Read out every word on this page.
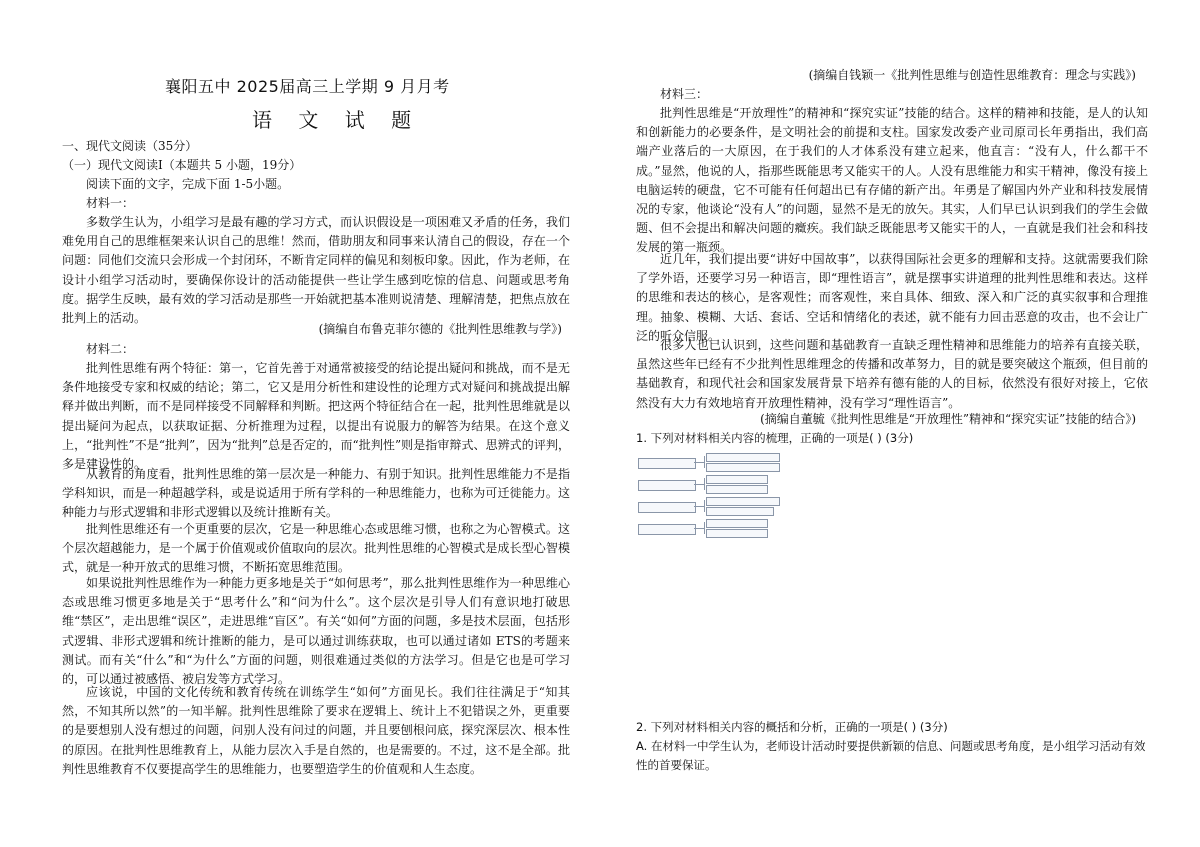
襄阳五中 2025届高三上学期 9 月月考
语 文 试 题
一、现代文阅读（35分）
（一）现代文阅读Ⅰ（本题共 5 小题，19分）
阅读下面的文字，完成下面 1-5小题。
材料一：

多数学生认为，小组学习是最有趣的学习方式，而认识假设是一项困难又矛盾的任务，我们难免用自己的思维框架来认识自己的思维！然而，借助朋友和同事来认清自己的假设，存在一个问题：同他们交流只会形成一个封闭环，不断肯定同样的偏见和刻板印象。因此，作为老师，在设计小组学习活动时，要确保你设计的活动能提供一些让学生感到吃惊的信息、问题或思考角度。据学生反映，最有效的学习活动是那些一开始就把基本准则说清楚、理解清楚，把焦点放在批判上的活动。

(摘编自布鲁克菲尔德的《批判性思维教与学》)
材料二：

批判性思维有两个特征：第一，它首先善于对通常被接受的结论提出疑问和挑战，而不是无条件地接受专家和权威的结论；第二，它又是用分析性和建设性的论理方式对疑问和挑战提出解释并做出判断，而不是同样接受不同解释和判断。把这两个特征结合在一起，批判性思维就是以提出疑问为起点，以获取证据、分析推理为过程，以提出有说服力的解答为结果。在这个意义上，“批判性”不是“批判”，因为“批判”总是否定的，而“批判性”则是指审辩式、思辨式的评判，多是建设性的。

从教育的角度看，批判性思维的第一层次是一种能力、有别于知识。批判性思维能力不是指学科知识，而是一种超越学科，或是说适用于所有学科的一种思维能力，也称为可迁徙能力。这种能力与形式逻辑和非形式逻辑以及统计推断有关。

批判性思维还有一个更重要的层次，它是一种思维心态或思维习惯，也称之为心智模式。这个层次超越能力，是一个属于价值观或价值取向的层次。批判性思维的心智模式是成长型心智模式，就是一种开放式的思维习惯，不断拓宽思维范围。

如果说批判性思维作为一种能力更多地是关于“如何思考”，那么批判性思维作为一种思维心态或思维习惯更多地是关于“思考什么”和“问为什么”。这个层次是引导人们有意识地打破思维“禁区”，走出思维“误区”，走进思维“盲区”。有关“如何”方面的问题，多是技术层面，包括形式逻辑、非形式逻辑和统计推断的能力，是可以通过训练获取，也可以通过诸如 ETS的考题来测试。而有关“什么”和“为什么”方面的问题，则很难通过类似的方法学习。但是它也是可学习的，可以通过被感悟、被启发等方式学习。

应该说，中国的文化传统和教育传统在训练学生“如何”方面见长。我们往往满足于“知其然，不知其所以然”的一知半解。批判性思维除了要求在逻辑上、统计上不犯错误之外，更重要的是要想别人没有想过的问题，问别人没有问过的问题，并且要刨根问底，探究深层次、根本性的原因。在批判性思维教育上，从能力层次入手是自然的，也是需要的。不过，这不是全部。批判性思维教育不仅要提高学生的思维能力，也要塑造学生的价值观和人生态度。

(摘编自钱颖一《批判性思维与创造性思维教育：理念与实践》)
材料三：

批判性思维是“开放理性”的精神和“探究实证”技能的结合。这样的精神和技能，是人的认知和创新能力的必要条件，是文明社会的前提和支柱。国家发改委产业司原司长年勇指出，我们高端产业落后的一大原因，在于我们的人才体系没有建立起来，他直言：“没有人，什么都干不成。”显然，他说的人，指那些既能思考又能实干的人。人没有思维能力和实干精神，像没有接上电脑运转的硬盘，它不可能有任何超出已有存储的新产出。年勇是了解国内外产业和科技发展情况的专家，他谈论“没有人”的问题，显然不是无的放矢。其实，人们早已认识到我们的学生会做题、但不会提出和解决问题的癥疾。我们缺乏既能思考又能实干的人，一直就是我们社会和科技发展的第一瓶颈。

近几年，我们提出要“讲好中国故事”，以获得国际社会更多的理解和支持。这就需要我们除了学外语，还要学习另一种语言，即“理性语言”，就是摆事实讲道理的批判性思维和表达。这样的思维和表达的核心，是客观性；而客观性，来自具体、细致、深入和广泛的真实叙事和合理推理。抽象、模糊、大话、套话、空话和情绪化的表述，就不能有力回击恶意的攻击，也不会让广泛的听众信服。

很多人也已认识到，这些问题和基础教育一直缺乏理性精神和思维能力的培养有直接关联，虽然这些年已经有不少批判性思维理念的传播和改革努力，目的就是要突破这个瓶颈，但目前的基础教育，和现代社会和国家发展背景下培养有德有能的人的目标，依然没有很好对接上，它依然没有大力有效地培育开放理性精神，没有学习“理性语言”。

(摘编自董毓《批判性思维是“开放理性”精神和“探究实证”技能的结合》)
1. 下列对材料相关内容的梳理，正确的一项是( ) (3分)
2. 下列对材料相关内容的概括和分析，正确的一项是( ) (3分)
A. 在材料一中学生认为，老师设计活动时要提供新颖的信息、问题或思考角度，是小组学习活动有效性的首要保证。
